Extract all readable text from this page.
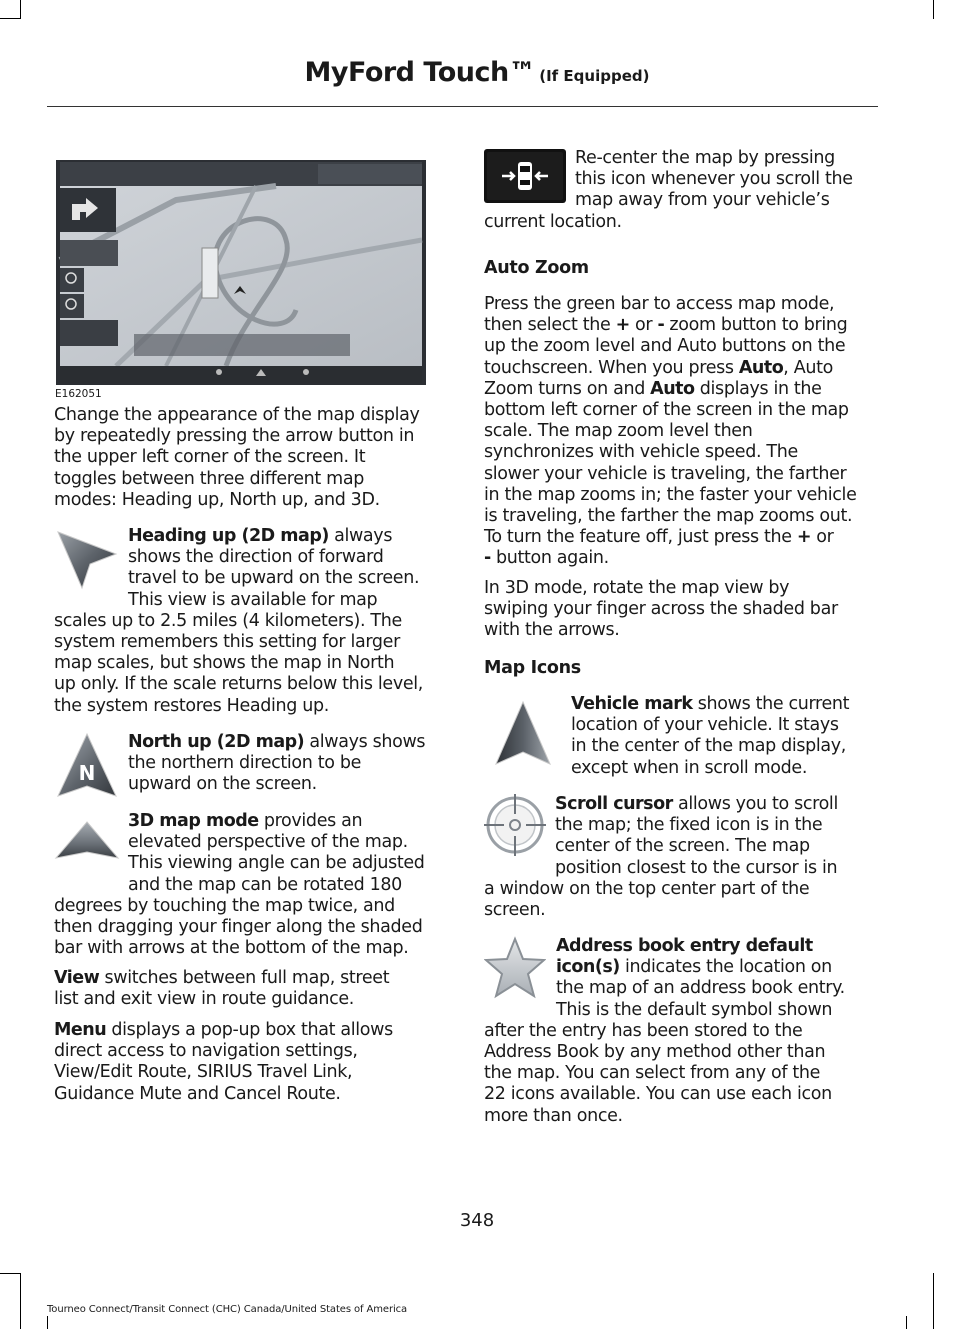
MyFord Touch™ (If Equipped)
E162051
Change the appearance of the map display
by repeatedly pressing the arrow button in
the upper left corner of the screen. It
toggles between three different map
modes: Heading up, North up, and 3D.
Heading up (2D map) always
shows the direction of forward
travel to be upward on the screen.
This view is available for map
scales up to 2.5 miles (4 kilometers). The
system remembers this setting for larger
map scales, but shows the map in North
up only. If the scale returns below this level,
the system restores Heading up.
N
North up (2D map) always shows
the northern direction to be
upward on the screen.
3D map mode provides an
elevated perspective of the map.
This viewing angle can be adjusted
and the map can be rotated 180
degrees by touching the map twice, and
then dragging your finger along the shaded
bar with arrows at the bottom of the map.
View switches between full map, street
list and exit view in route guidance.
Menu displays a pop-up box that allows
direct access to navigation settings,
View/Edit Route, SIRIUS Travel Link,
Guidance Mute and Cancel Route.
Re-center the map by pressing
this icon whenever you scroll the
map away from your vehicle’s
current location.
Auto Zoom
Press the green bar to access map mode,
then select the + or - zoom button to bring
up the zoom level and Auto buttons on the
touchscreen. When you press Auto, Auto
Zoom turns on and Auto displays in the
bottom left corner of the screen in the map
scale. The map zoom level then
synchronizes with vehicle speed. The
slower your vehicle is traveling, the farther
in the map zooms in; the faster your vehicle
is traveling, the farther the map zooms out.
To turn the feature off, just press the + or
- button again.
In 3D mode, rotate the map view by
swiping your finger across the shaded bar
with the arrows.
Map Icons
Vehicle mark shows the current
location of your vehicle. It stays
in the center of the map display,
except when in scroll mode.
Scroll cursor allows you to scroll
the map; the fixed icon is in the
center of the screen. The map
position closest to the cursor is in
a window on the top center part of the
screen.
Address book entry default
icon(s) indicates the location on
the map of an address book entry.
This is the default symbol shown
after the entry has been stored to the
Address Book by any method other than
the map. You can select from any of the
22 icons available. You can use each icon
more than once.
348
Tourneo Connect/Transit Connect (CHC) Canada/United States of America
